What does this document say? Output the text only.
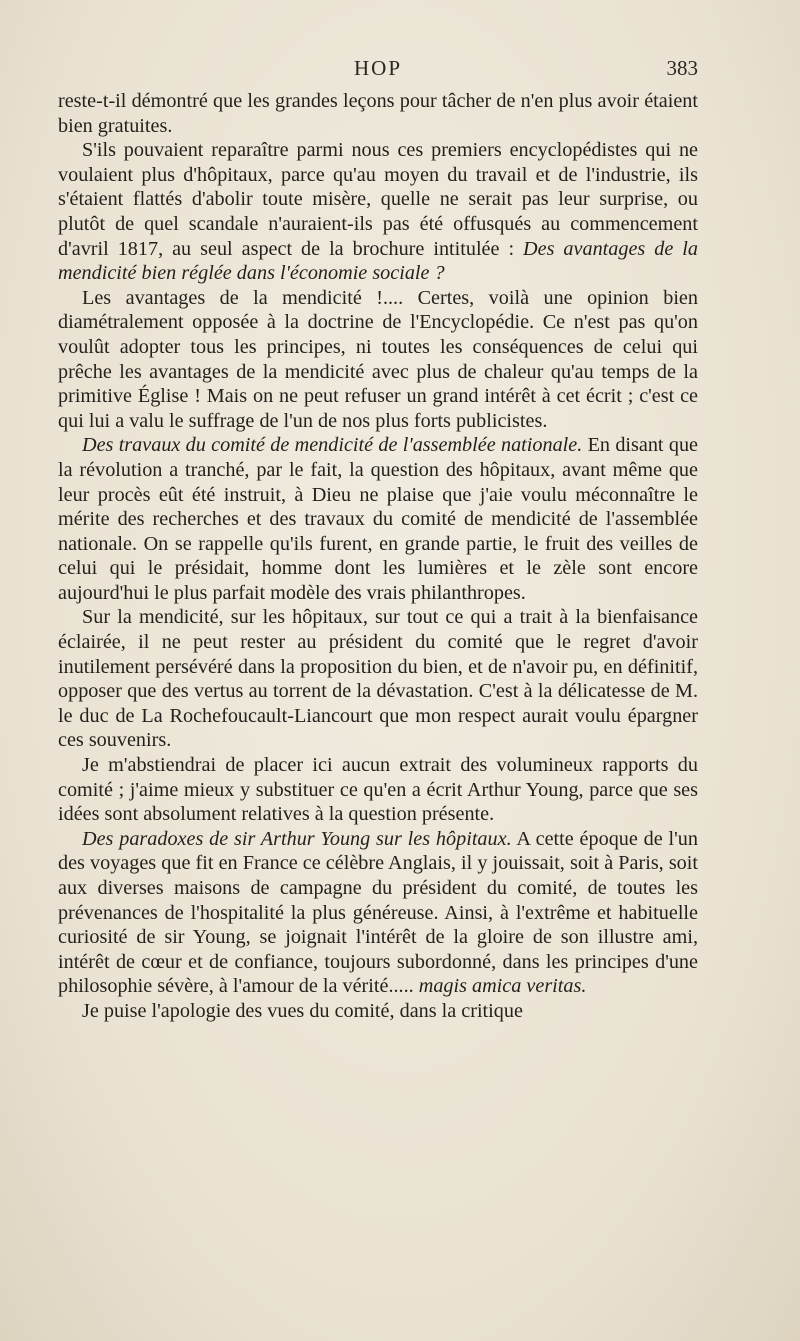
HOP	383

reste-t-il démontré que les grandes leçons pour tâcher de n'en plus avoir étaient bien gratuites.

S'ils pouvaient reparaître parmi nous ces premiers encyclopédistes qui ne voulaient plus d'hôpitaux, parce qu'au moyen du travail et de l'industrie, ils s'étaient flattés d'abolir toute misère, quelle ne serait pas leur surprise, ou plutôt de quel scandale n'auraient-ils pas été offusqués au commencement d'avril 1817, au seul aspect de la brochure intitulée : Des avantages de la mendicité bien réglée dans l'économie sociale ?

Les avantages de la mendicité !.... Certes, voilà une opinion bien diamétralement opposée à la doctrine de l'Encyclopédie. Ce n'est pas qu'on voulût adopter tous les principes, ni toutes les conséquences de celui qui prêche les avantages de la mendicité avec plus de chaleur qu'au temps de la primitive Église ! Mais on ne peut refuser un grand intérêt à cet écrit ; c'est ce qui lui a valu le suffrage de l'un de nos plus forts publicistes.

Des travaux du comité de mendicité de l'assemblée nationale. En disant que la révolution a tranché, par le fait, la question des hôpitaux, avant même que leur procès eût été instruit, à Dieu ne plaise que j'aie voulu méconnaître le mérite des recherches et des travaux du comité de mendicité de l'assemblée nationale. On se rappelle qu'ils furent, en grande partie, le fruit des veilles de celui qui le présidait, homme dont les lumières et le zèle sont encore aujourd'hui le plus parfait modèle des vrais philanthropes.

Sur la mendicité, sur les hôpitaux, sur tout ce qui a trait à la bienfaisance éclairée, il ne peut rester au président du comité que le regret d'avoir inutilement persévéré dans la proposition du bien, et de n'avoir pu, en définitif, opposer que des vertus au torrent de la dévastation. C'est à la délicatesse de M. le duc de La Rochefoucault-Liancourt que mon respect aurait voulu épargner ces souvenirs.

Je m'abstiendrai de placer ici aucun extrait des volumineux rapports du comité ; j'aime mieux y substituer ce qu'en a écrit Arthur Young, parce que ses idées sont absolument relatives à la question présente.

Des paradoxes de sir Arthur Young sur les hôpitaux. A cette époque de l'un des voyages que fit en France ce célèbre Anglais, il y jouissait, soit à Paris, soit aux diverses maisons de campagne du président du comité, de toutes les prévenances de l'hospitalité la plus généreuse. Ainsi, à l'extrême et habituelle curiosité de sir Young, se joignait l'intérêt de la gloire de son illustre ami, intérêt de cœur et de confiance, toujours subordonné, dans les principes d'une philosophie sévère, à l'amour de la vérité..... magis amica veritas.

Je puise l'apologie des vues du comité, dans la critique
